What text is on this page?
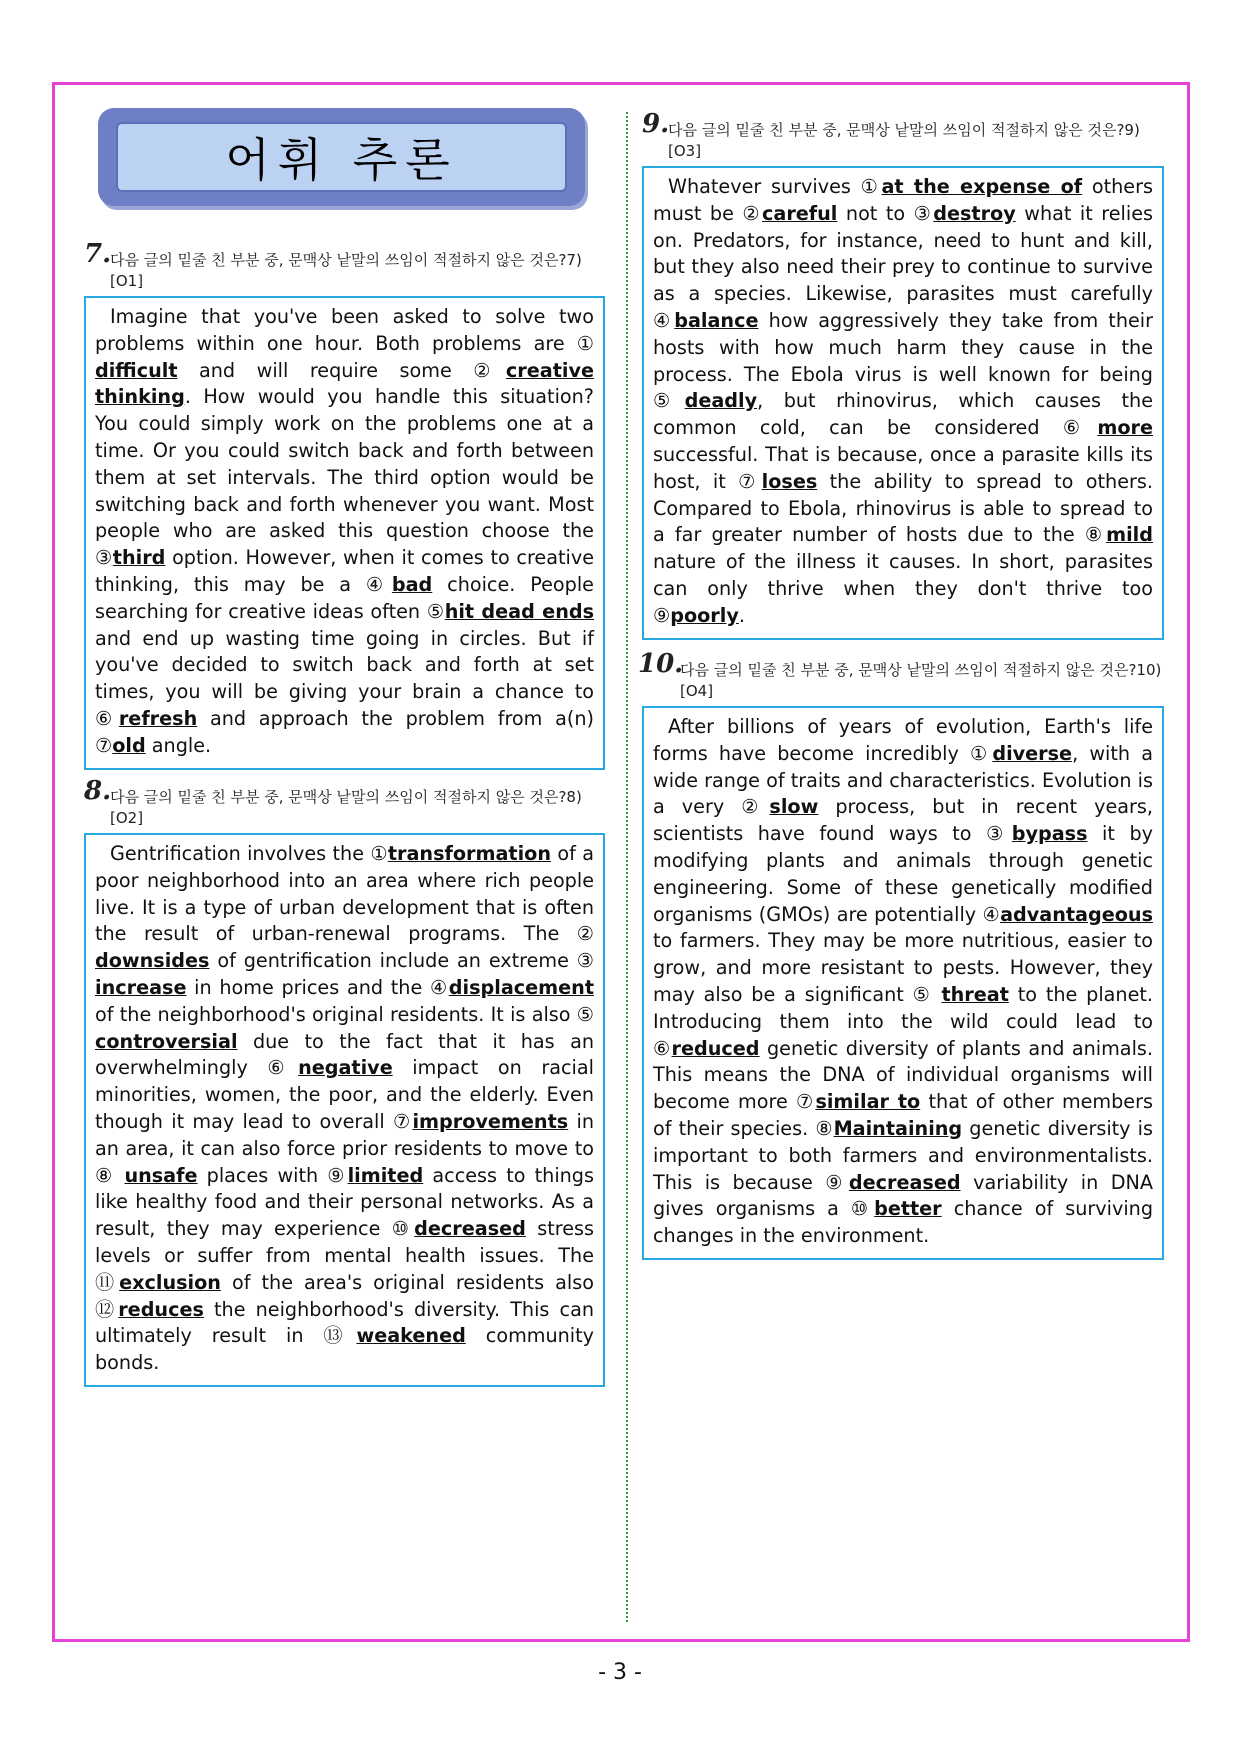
어휘 추론
7.
다음 글의 밑줄 친 부분 중, 문맥상 낱말의 쓰임이 적절하지 않은 것은?7)[O1]

Imagine that you've been asked to solve two problems within one hour. Both problems are ① difficult and will require some ②creative thinking. How would you handle this situation? You could simply work on the problems one at a time. Or you could switch back and forth between them at set intervals. The third option would be switching back and forth whenever you want. Most people who are asked this question choose the ③third option. However, when it comes to creative thinking, this may be a ④bad choice. People searching for creative ideas often ⑤hit dead ends and end up wasting time going in circles. But if you've decided to switch back and forth at set times, you will be giving your brain a chance to ⑥refresh and approach the problem from a(n) ⑦old angle.

8.
다음 글의 밑줄 친 부분 중, 문맥상 낱말의 쓰임이 적절하지 않은 것은?8)[O2]

Gentrification involves the ①transformation of a poor neighborhood into an area where rich people live. It is a type of urban development that is often the result of urban-renewal programs. The ② downsides of gentrification include an extreme ③ increase in home prices and the ④displacement of the neighborhood's original residents. It is also ⑤ controversial due to the fact that it has an overwhelmingly ⑥negative impact on racial minorities, women, the poor, and the elderly. Even though it may lead to overall ⑦improvements in an area, it can also force prior residents to move to ⑧ unsafe places with ⑨limited access to things like healthy food and their personal networks. As a result, they may experience ⑩decreased stress levels or suffer from mental health issues. The ⑪exclusion of the area's original residents also ⑫reduces the neighborhood's diversity. This can ultimately result in ⑬weakened community bonds.

9.
다음 글의 밑줄 친 부분 중, 문맥상 낱말의 쓰임이 적절하지 않은 것은?9)[O3]

Whatever survives ①at the expense of others must be ②careful not to ③destroy what it relies on. Predators, for instance, need to hunt and kill, but they also need their prey to continue to survive as a species. Likewise, parasites must carefully ④balance how aggressively they take from their hosts with how much harm they cause in the process. The Ebola virus is well known for being ⑤deadly, but rhinovirus, which causes the common cold, can be considered ⑥more successful. That is because, once a parasite kills its host, it ⑦loses the ability to spread to others. Compared to Ebola, rhinovirus is able to spread to a far greater number of hosts due to the ⑧mild nature of the illness it causes. In short, parasites can only thrive when they don't thrive too ⑨poorly.

10.
다음 글의 밑줄 친 부분 중, 문맥상 낱말의 쓰임이 적절하지 않은 것은?10)[O4]

After billions of years of evolution, Earth's life forms have become incredibly ①diverse, with a wide range of traits and characteristics. Evolution is a very ②slow process, but in recent years, scientists have found ways to ③bypass it by modifying plants and animals through genetic engineering. Some of these genetically modified organisms (GMOs) are potentially ④advantageous to farmers. They may be more nutritious, easier to grow, and more resistant to pests. However, they may also be a significant ⑤ threat to the planet. Introducing them into the wild could lead to ⑥reduced genetic diversity of plants and animals. This means the DNA of individual organisms will become more ⑦similar to that of other members of their species. ⑧Maintaining genetic diversity is important to both farmers and environmentalists. This is because ⑨decreased variability in DNA gives organisms a ⑩better chance of surviving changes in the environment.

- 3 -
